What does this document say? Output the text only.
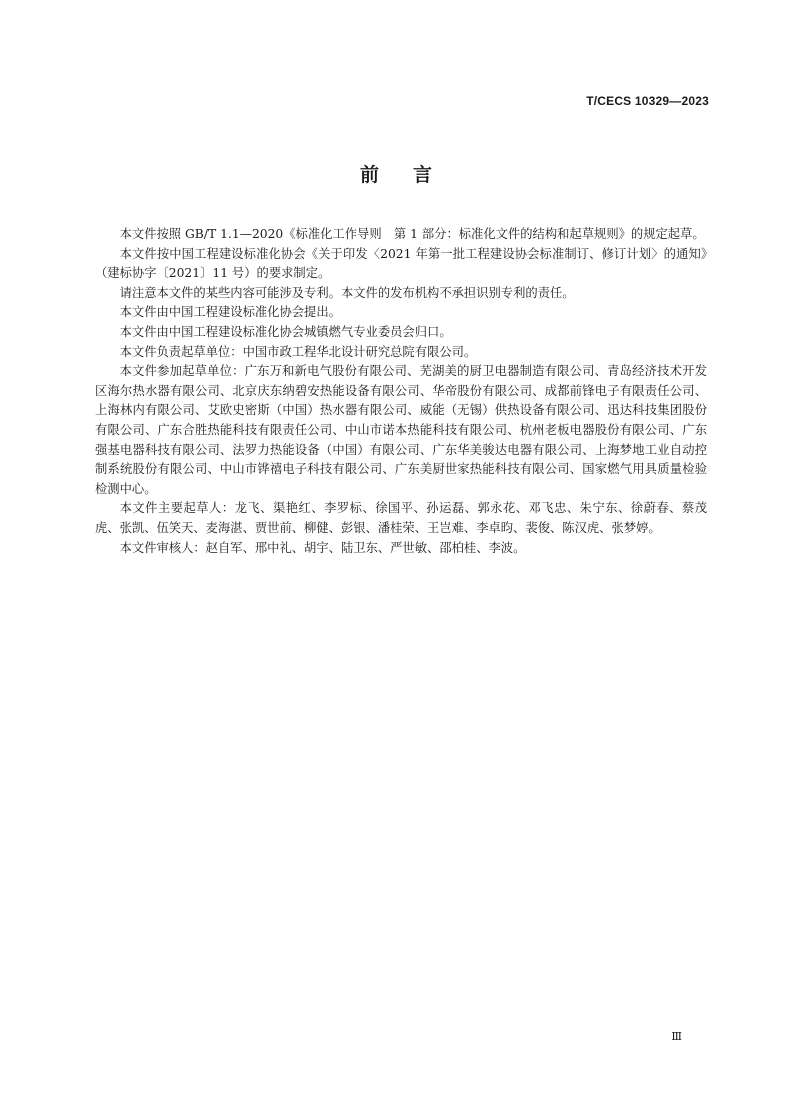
T/CECS 10329—2023
前言

本文件按照 GB/T 1.1—2020《标准化工作导则　第 1 部分：标准化文件的结构和起草规则》的规定起草。

本文件按中国工程建设标准化协会《关于印发〈2021 年第一批工程建设协会标准制订、修订计划〉的通知》（建标协字〔2021〕11 号）的要求制定。

请注意本文件的某些内容可能涉及专利。本文件的发布机构不承担识别专利的责任。

本文件由中国工程建设标准化协会提出。

本文件由中国工程建设标准化协会城镇燃气专业委员会归口。

本文件负责起草单位：中国市政工程华北设计研究总院有限公司。

本文件参加起草单位：广东万和新电气股份有限公司、芜湖美的厨卫电器制造有限公司、青岛经济技术开发区海尔热水器有限公司、北京庆东纳碧安热能设备有限公司、华帝股份有限公司、成都前锋电子有限责任公司、上海林内有限公司、艾欧史密斯（中国）热水器有限公司、威能（无锡）供热设备有限公司、迅达科技集团股份有限公司、广东合胜热能科技有限责任公司、中山市诺本热能科技有限公司、杭州老板电器股份有限公司、广东强基电器科技有限公司、法罗力热能设备（中国）有限公司、广东华美骏达电器有限公司、上海梦地工业自动控制系统股份有限公司、中山市铧禧电子科技有限公司、广东美厨世家热能科技有限公司、国家燃气用具质量检验检测中心。

本文件主要起草人：龙飞、渠艳红、李罗标、徐国平、孙运磊、郭永花、邓飞忠、朱宁东、徐蔚春、蔡茂虎、张凯、伍笑天、麦海湛、贾世前、柳健、彭银、潘桂荣、王岂难、李卓昀、裴俊、陈汉虎、张梦婷。

本文件审核人：赵自军、邢中礼、胡宇、陆卫东、严世敏、邵柏桂、李波。

Ⅲ
